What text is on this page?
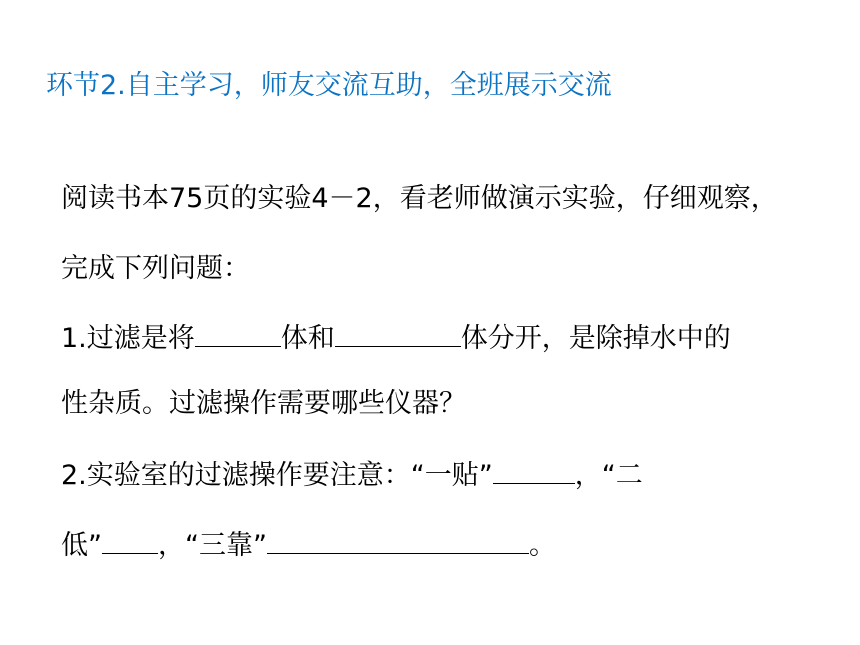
环节2.自主学习，师友交流互助，全班展示交流
阅读书本75页的实验4－2，看老师做演示实验，仔细观察，
完成下列问题：
1.过滤是将	体和	体分开，是除掉水中的
性杂质。过滤操作需要哪些仪器？
2.实验室的过滤操作要注意：“一贴”	，“二
低” ，“三靠”	。
